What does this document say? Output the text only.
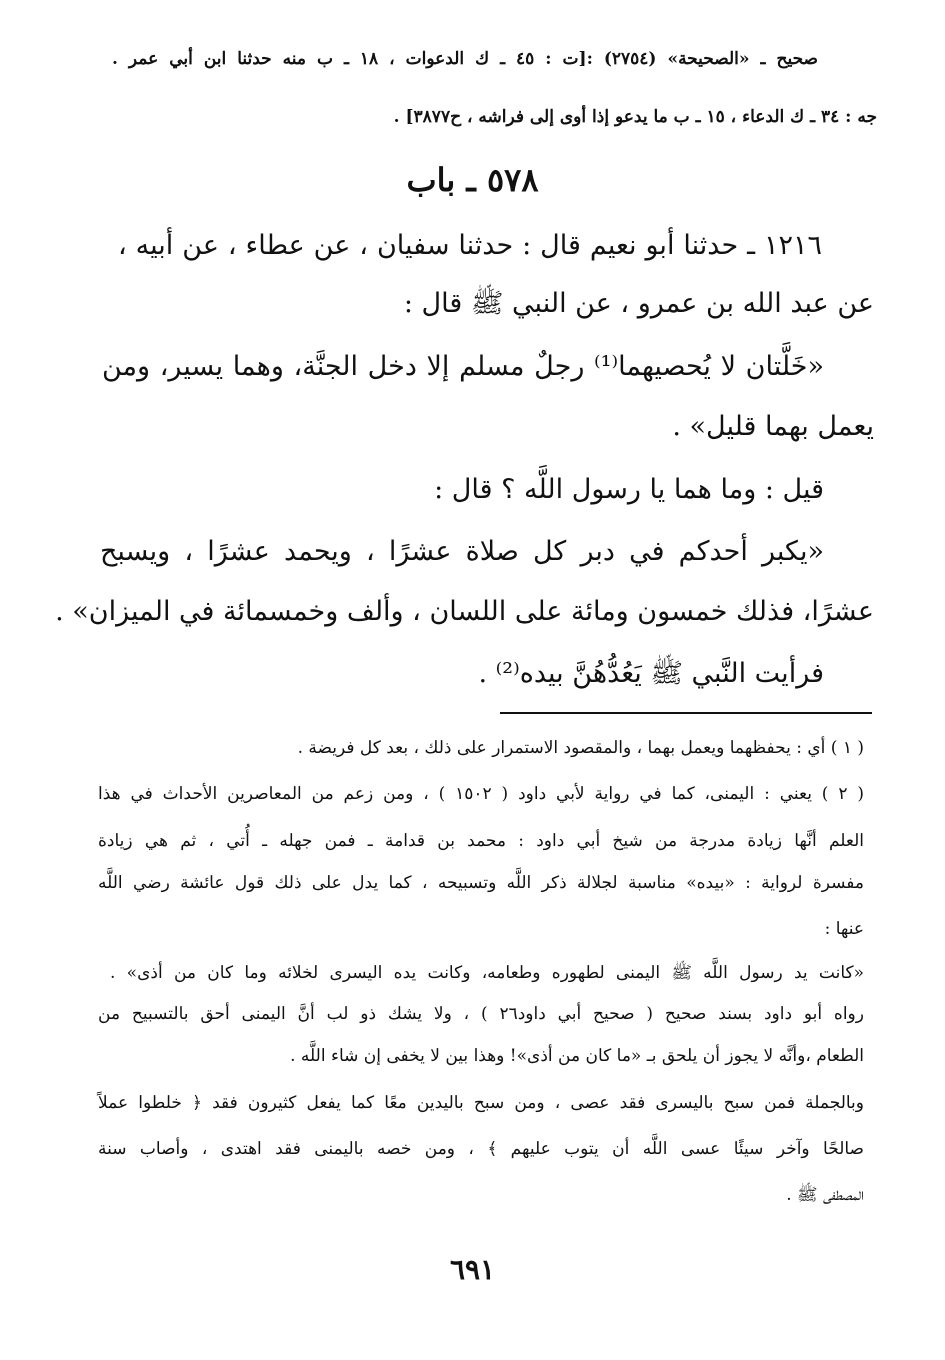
صحيح ـ «الصحيحة» (٢٧٥٤) :[ت : ٤٥ ـ ك الدعوات ، ١٨ ـ ب منه حدثنا ابن أبي عمر .
جه : ٣٤ ـ ك الدعاء ، ١٥ ـ ب ما يدعو إذا أوى إلى فراشه ، ح٣٨٧٧] .
٥٧٨ ـ باب
١٢١٦ ـ حدثنا أبو نعيم قال : حدثنا سفيان ، عن عطاء ، عن أبيه ،
عن عبد الله بن عمرو ، عن النبي ﷺ قال :
«خَلَّتان لا يُحصيهما⁽¹⁾ رجلٌ مسلم إلا دخل الجنَّة، وهما يسير، ومن
يعمل بهما قليل» .
قيل : وما هما يا رسول اللَّه ؟ قال :
«يكبر أحدكم في دبر كل صلاة عشرًا ، ويحمد عشرًا ، ويسبح
عشرًا، فذلك خمسون ومائة على اللسان ، وألف وخمسمائة في الميزان» .
فرأيت النَّبي ﷺ يَعُدُّهُنَّ بيده⁽²⁾ .
( ١ ) أي : يحفظهما ويعمل بهما ، والمقصود الاستمرار على ذلك ، بعد كل فريضة .
( ٢ ) يعني : اليمنى، كما في رواية لأبي داود ( ١٥٠٢ ) ، ومن زعم من المعاصرين الأحداث في هذا
العلم أنَّها زيادة مدرجة من شيخ أبي داود : محمد بن قدامة ـ فمن جهله ـ أُتي ، ثم هي زيادة
مفسرة لرواية : «بيده» مناسبة لجلالة ذكر اللَّه وتسبيحه ، كما يدل على ذلك قول عائشة رضي اللَّه
عنها :
«كانت يد رسول اللَّه ﷺ اليمنى لطهوره وطعامه، وكانت يده اليسرى لخلائه وما كان من أذى» .
رواه أبو داود بسند صحيح ( صحيح أبي داود٢٦ ) ، ولا يشك ذو لب أنَّ اليمنى أحق بالتسبيح من
الطعام ،وأنَّه لا يجوز أن يلحق بـ «ما كان من أذى»! وهذا بين لا يخفى إن شاء اللَّه .
وبالجملة فمن سبح باليسرى فقد عصى ، ومن سبح باليدين معًا كما يفعل كثيرون فقد ﴿ خلطوا عملاً
صالحًا وآخر سيئًا عسى اللَّه أن يتوب عليهم ﴾ ، ومن خصه باليمنى فقد اهتدى ، وأصاب سنة
المصطفى ﷺ .
٦٩١
